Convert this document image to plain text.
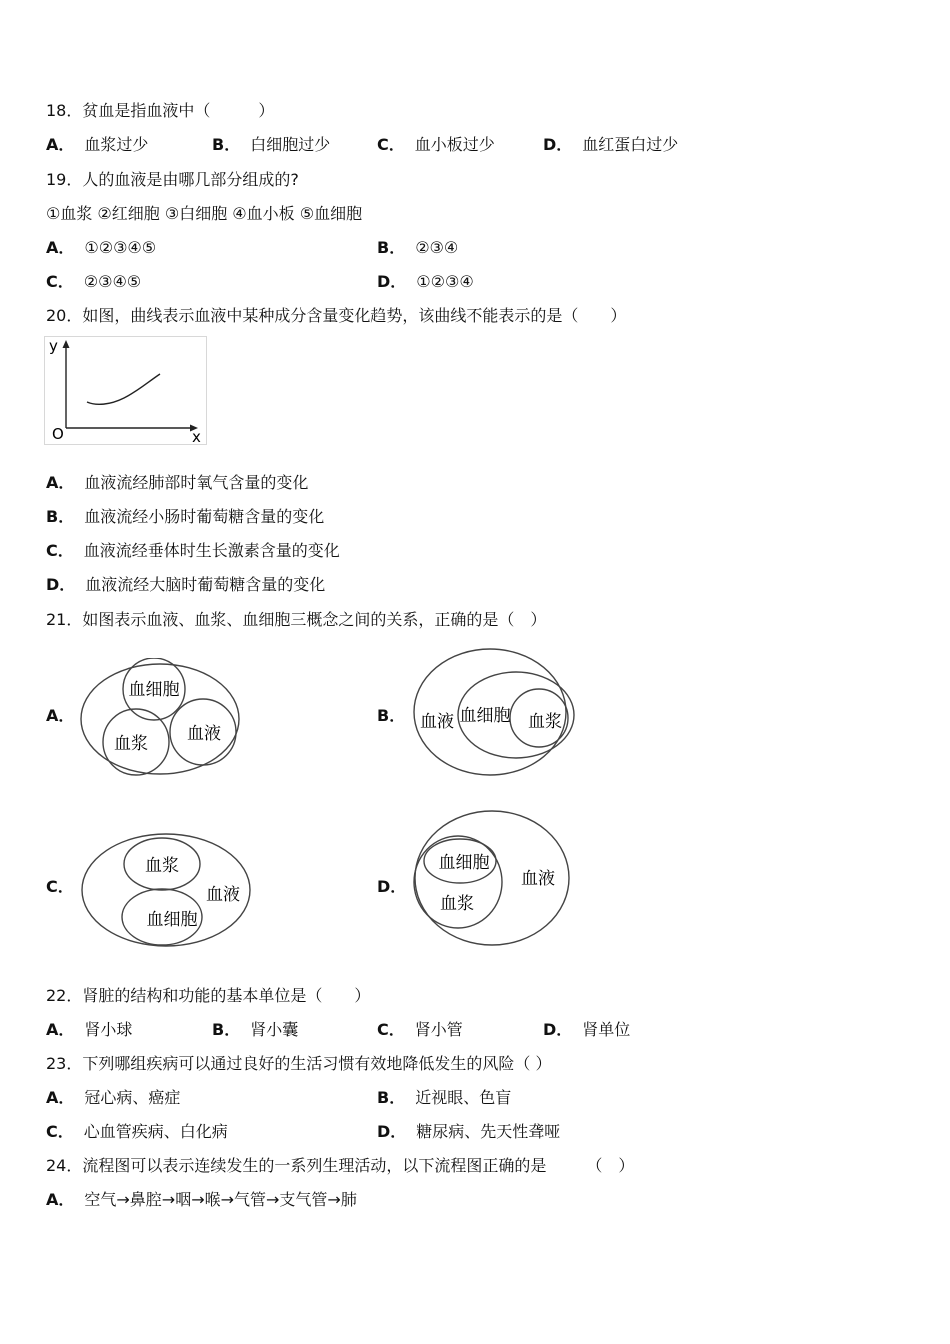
18．贫血是指血液中（　　　）
A． 血浆过少	B． 白细胞过少	C． 血小板过少	D． 血红蛋白过少
19．人的血液是由哪几部分组成的?
①血浆 ②红细胞 ③白细胞 ④血小板 ⑤血细胞
A． ①②③④⑤	B． ②③④
C． ②③④⑤	D． ①②③④
20．如图，曲线表示血液中某种成分含量变化趋势，该曲线不能表示的是（　　）
y
x
O
A． 血液流经肺部时氧气含量的变化
B． 血液流经小肠时葡萄糖含量的变化
C． 血液流经垂体时生长激素含量的变化
D． 血液流经大脑时葡萄糖含量的变化
21．如图表示血液、血浆、血细胞三概念之间的关系，正确的是（　）
A．
血细胞
血浆 血液
B． 血液 血细胞 血浆
C．
血浆
血细胞
血液	D．
血细胞
血浆
血液
22．肾脏的结构和功能的基本单位是（　　）
A． 肾小球	B． 肾小囊	C． 肾小管	D． 肾单位
23．下列哪组疾病可以通过良好的生活习惯有效地降低发生的风险（ ）
A． 冠心病、癌症	B． 近视眼、色盲
C． 心血管疾病、白化病	D． 糖尿病、先天性聋哑
24．流程图可以表示连续发生的一系列生理活动，以下流程图正确的是　　　（　）
A． 空气→鼻腔→咽→喉→气管→支气管→肺
